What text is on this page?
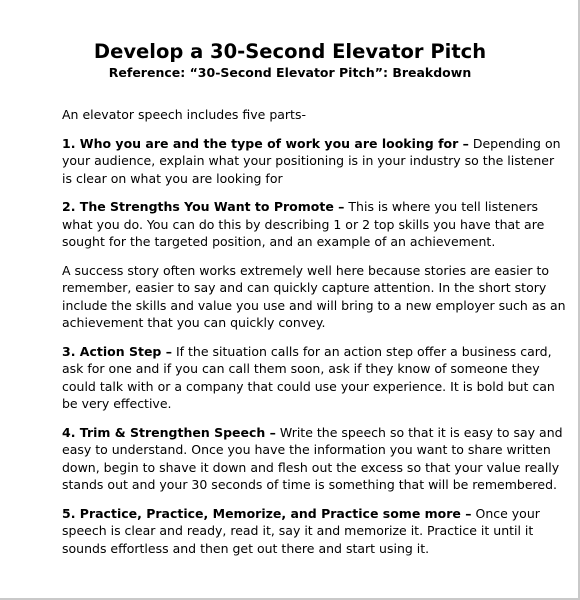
Develop a 30-Second Elevator Pitch
Reference: “30-Second Elevator Pitch”: Breakdown

An elevator speech includes five parts-

1. Who you are and the type of work you are looking for – Depending on your audience, explain what your positioning is in your industry so the listener is clear on what you are looking for

2. The Strengths You Want to Promote – This is where you tell listeners what you do. You can do this by describing 1 or 2 top skills you have that are sought for the targeted position, and an example of an achievement.

A success story often works extremely well here because stories are easier to remember, easier to say and can quickly capture attention. In the short story include the skills and value you use and will bring to a new employer such as an achievement that you can quickly convey.

3. Action Step – If the situation calls for an action step offer a business card, ask for one and if you can call them soon, ask if they know of someone they could talk with or a company that could use your experience. It is bold but can be very effective.

4. Trim & Strengthen Speech – Write the speech so that it is easy to say and easy to understand. Once you have the information you want to share written down, begin to shave it down and flesh out the excess so that your value really stands out and your 30 seconds of time is something that will be remembered.

5. Practice, Practice, Memorize, and Practice some more – Once your speech is clear and ready, read it, say it and memorize it. Practice it until it sounds effortless and then get out there and start using it.
